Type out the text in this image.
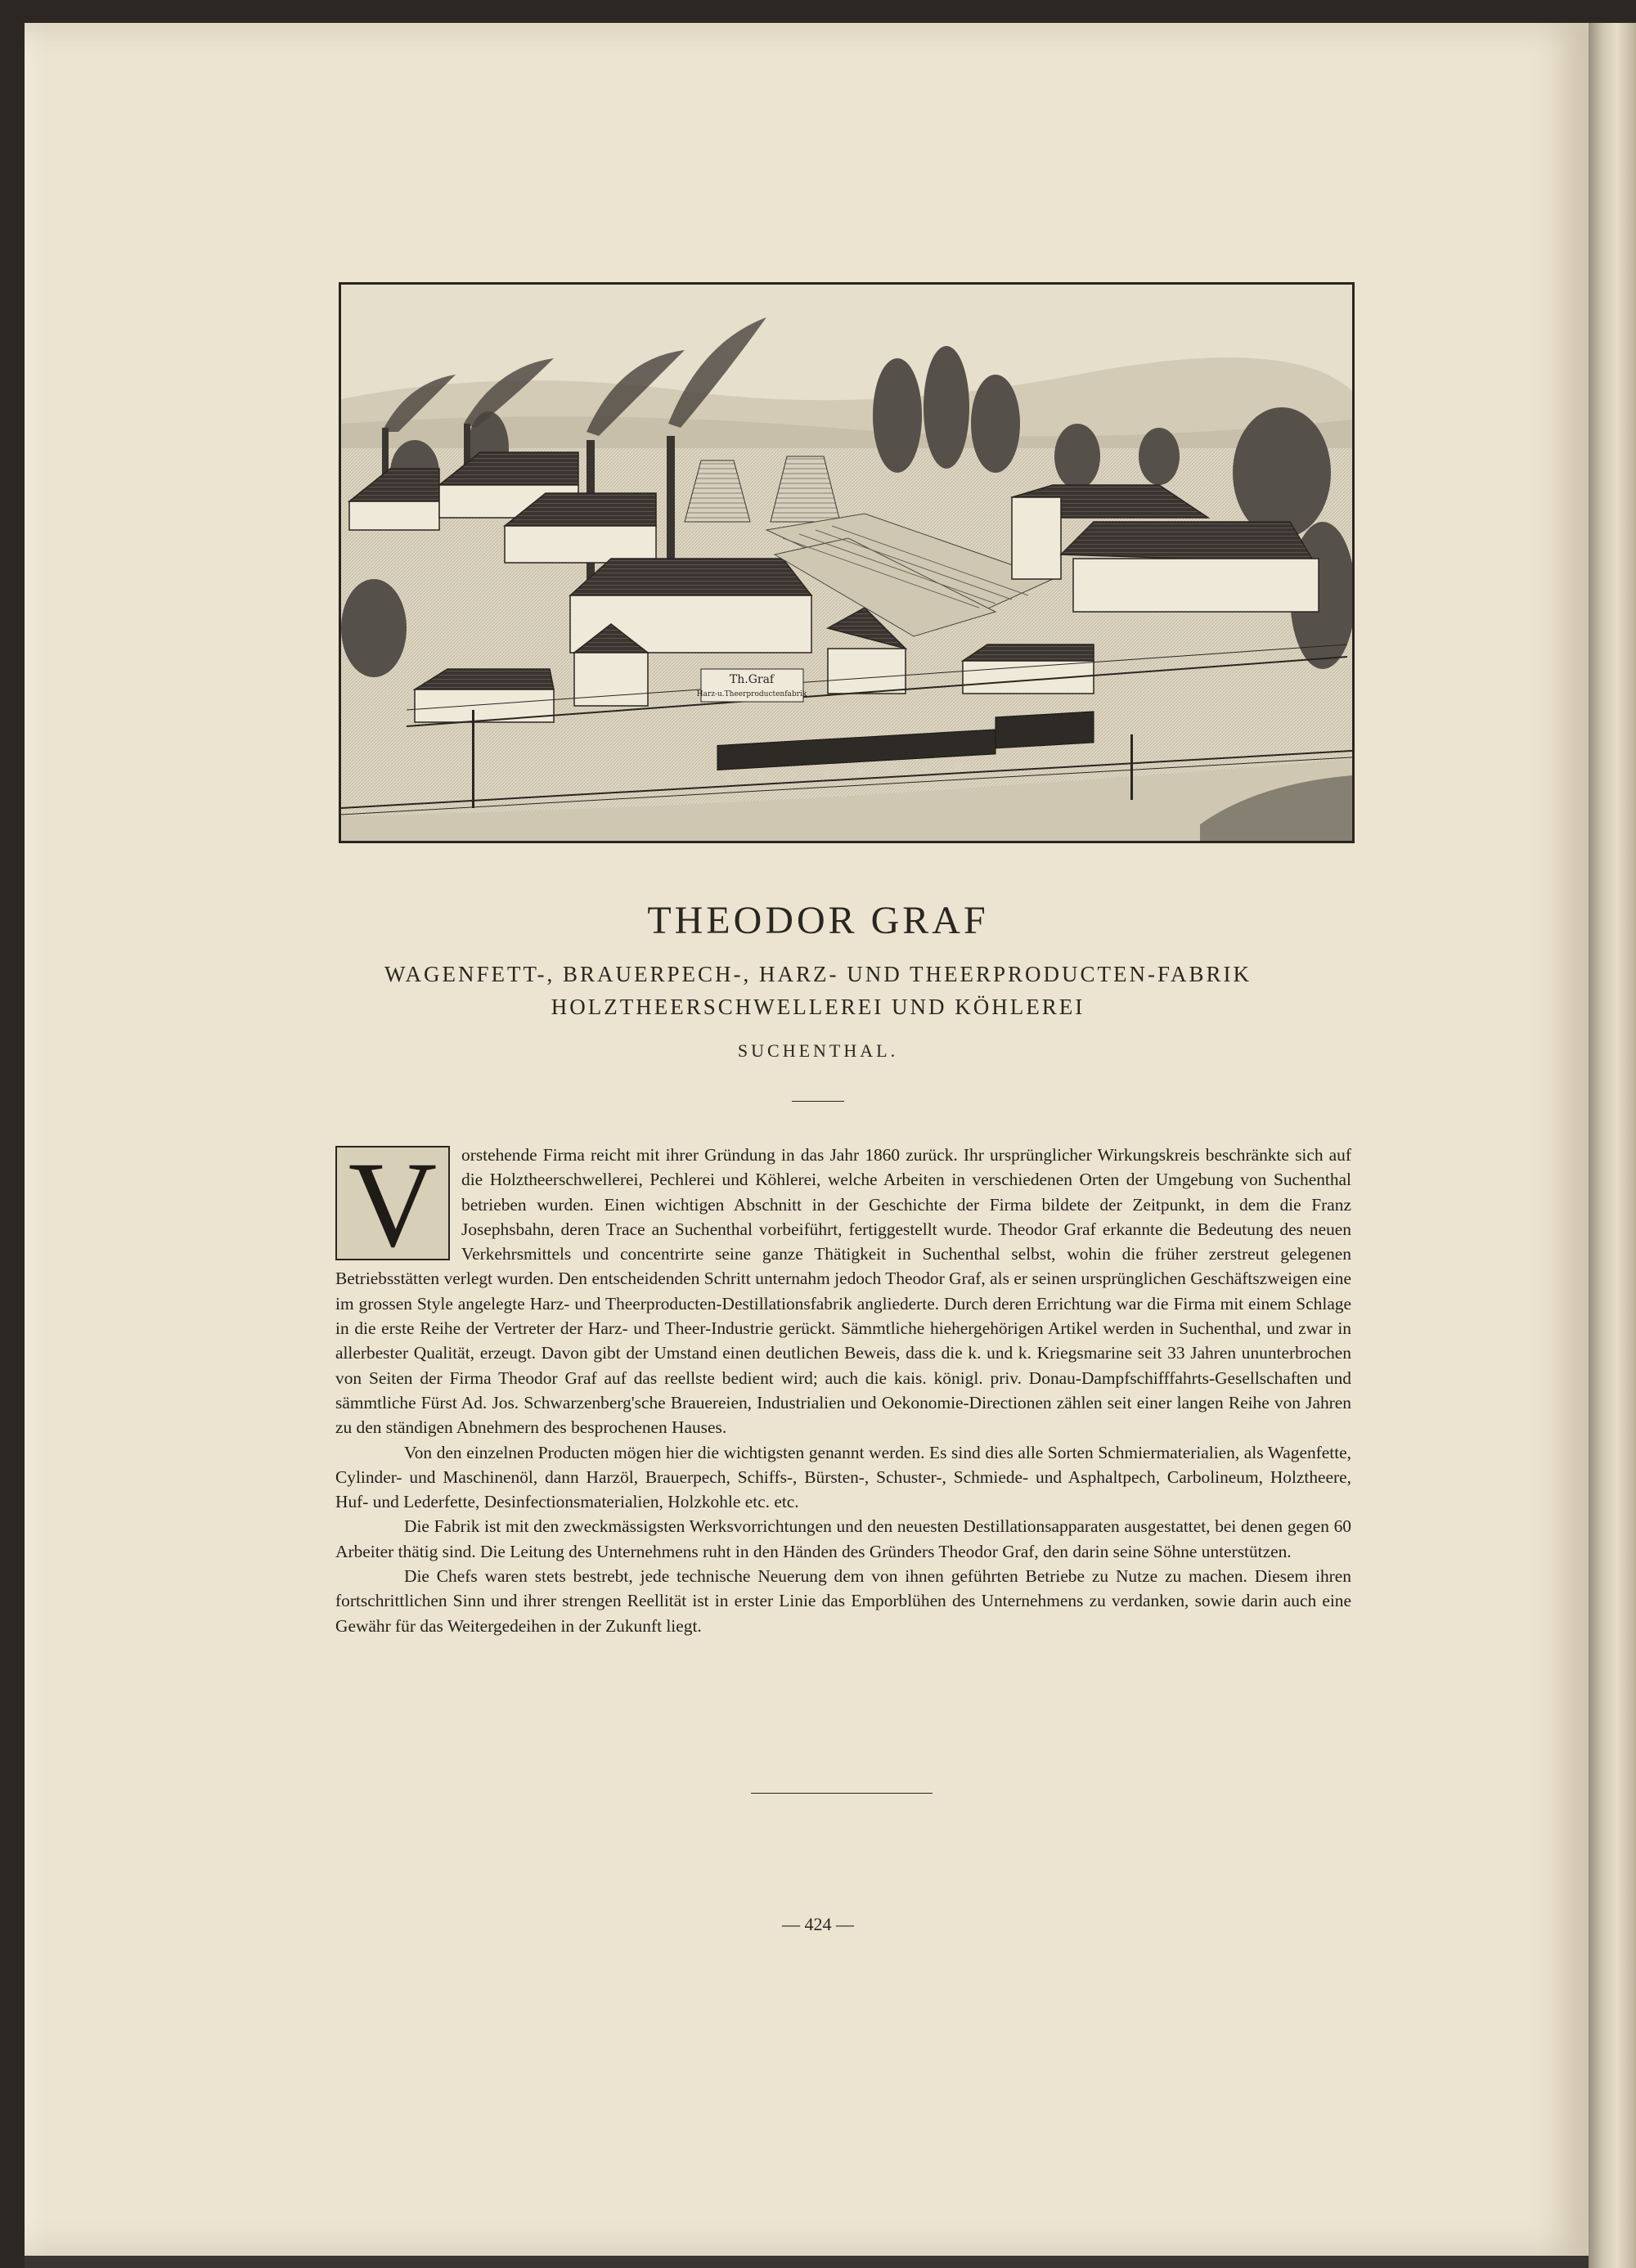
Th.Graf
Harz-u.Theerproductenfabrik
THEODOR GRAF
WAGENFETT-, BRAUERPECH-, HARZ- UND THEERPRODUCTEN-FABRIK
HOLZTHEERSCHWELLEREI UND KÖHLEREI
SUCHENTHAL.

V	orstehende Firma reicht mit ihrer Gründung in das Jahr 1860 zurück. Ihr ursprünglicher Wirkungskreis beschränkte sich auf die Holztheerschwellerei, Pechlerei und Köhlerei, welche Arbeiten in verschiedenen Orten der Umgebung von Suchenthal betrieben wurden. Einen wichtigen Abschnitt in der Geschichte der Firma bildete der Zeitpunkt, in dem die Franz Josephsbahn, deren Trace an Suchenthal vorbeiführt, fertiggestellt wurde. Theodor Graf erkannte die Bedeutung des neuen Verkehrsmittels und concentrirte seine ganze Thätigkeit in Suchenthal selbst, wohin die früher zerstreut gelegenen Betriebsstätten verlegt wurden. Den entscheidenden Schritt unternahm jedoch Theodor Graf, als er seinen ursprünglichen Geschäftszweigen eine im grossen Style angelegte Harz- und Theerproducten-Destillationsfabrik angliederte. Durch deren Errichtung war die Firma mit einem Schlage in die erste Reihe der Vertreter der Harz- und Theer-Industrie gerückt. Sämmtliche hiehergehörigen Artikel werden in Suchenthal, und zwar in allerbester Qualität, erzeugt. Davon gibt der Umstand einen deutlichen Beweis, dass die k. und k. Kriegsmarine seit 33 Jahren ununterbrochen von Seiten der Firma Theodor Graf auf das reellste bedient wird; auch die kais. königl. priv. Donau-Dampfschifffahrts-Gesellschaften und sämmtliche Fürst Ad. Jos. Schwarzenberg'sche Brauereien, Industrialien und Oekonomie-Directionen zählen seit einer langen Reihe von Jahren zu den ständigen Abnehmern des besprochenen Hauses.

Von den einzelnen Producten mögen hier die wichtigsten genannt werden. Es sind dies alle Sorten Schmiermaterialien, als Wagenfette, Cylinder- und Maschinenöl, dann Harzöl, Brauerpech, Schiffs-, Bürsten-, Schuster-, Schmiede- und Asphaltpech, Carbolineum, Holztheere, Huf- und Lederfette, Desinfectionsmaterialien, Holzkohle etc. etc.

Die Fabrik ist mit den zweckmässigsten Werksvorrichtungen und den neuesten Destillationsapparaten ausgestattet, bei denen gegen 60 Arbeiter thätig sind. Die Leitung des Unternehmens ruht in den Händen des Gründers Theodor Graf, den darin seine Söhne unterstützen.

Die Chefs waren stets bestrebt, jede technische Neuerung dem von ihnen geführten Betriebe zu Nutze zu machen. Diesem ihren fortschrittlichen Sinn und ihrer strengen Reellität ist in erster Linie das Emporblühen des Unternehmens zu verdanken, sowie darin auch eine Gewähr für das Weitergedeihen in der Zukunft liegt.

— 424 —
